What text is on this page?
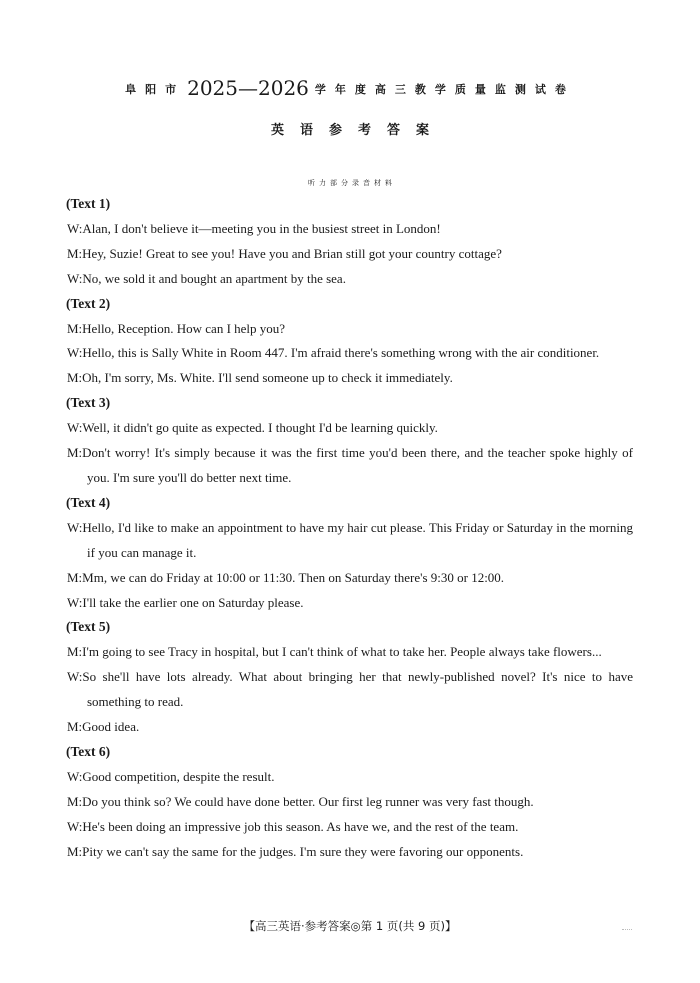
阜阳市 2025—2026 学年度高三教学质量监测试卷
英语参考答案
听力部分录音材料
(Text 1)
W:Alan, I don't believe it—meeting you in the busiest street in London!
M:Hey, Suzie! Great to see you! Have you and Brian still got your country cottage?
W:No, we sold it and bought an apartment by the sea.
(Text 2)
M:Hello, Reception. How can I help you?
W:Hello, this is Sally White in Room 447. I'm afraid there's something wrong with the air conditioner.
M:Oh, I'm sorry, Ms. White. I'll send someone up to check it immediately.
(Text 3)
W:Well, it didn't go quite as expected. I thought I'd be learning quickly.
M:Don't worry! It's simply because it was the first time you'd been there, and the teacher spoke highly of you. I'm sure you'll do better next time.
(Text 4)
W:Hello, I'd like to make an appointment to have my hair cut please. This Friday or Saturday in the morning if you can manage it.
M:Mm, we can do Friday at 10:00 or 11:30. Then on Saturday there's 9:30 or 12:00.
W:I'll take the earlier one on Saturday please.
(Text 5)
M:I'm going to see Tracy in hospital, but I can't think of what to take her. People always take flowers...
W:So she'll have lots already. What about bringing her that newly-published novel? It's nice to have something to read.
M:Good idea.
(Text 6)
W:Good competition, despite the result.
M:Do you think so? We could have done better. Our first leg runner was very fast though.
W:He's been doing an impressive job this season. As have we, and the rest of the team.
M:Pity we can't say the same for the judges. I'm sure they were favoring our opponents.
【高三英语·参考答案◎第 1 页(共 9 页)】
